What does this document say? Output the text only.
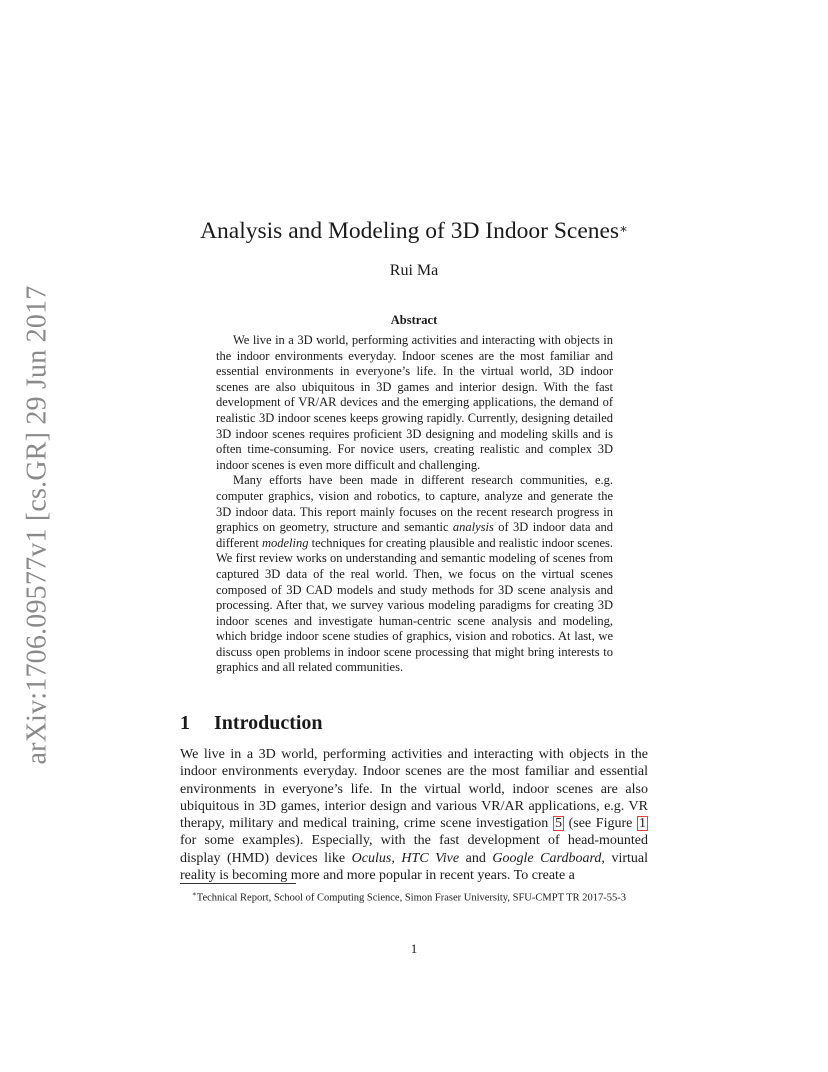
arXiv:1706.09577v1 [cs.GR] 29 Jun 2017
Analysis and Modeling of 3D Indoor Scenes∗
Rui Ma
Abstract

We live in a 3D world, performing activities and interacting with objects in the indoor environments everyday. Indoor scenes are the most familiar and essential environments in everyone’s life. In the virtual world, 3D indoor scenes are also ubiquitous in 3D games and interior design. With the fast development of VR/AR devices and the emerging applications, the demand of realistic 3D indoor scenes keeps growing rapidly. Currently, designing detailed 3D indoor scenes requires proficient 3D designing and modeling skills and is often time-consuming. For novice users, creating realistic and complex 3D indoor scenes is even more difficult and challenging.

Many efforts have been made in different research communities, e.g. computer graphics, vision and robotics, to capture, analyze and generate the 3D indoor data. This report mainly focuses on the recent research progress in graphics on geometry, structure and semantic analysis of 3D indoor data and different modeling techniques for creating plausible and realistic indoor scenes. We first review works on understanding and semantic modeling of scenes from captured 3D data of the real world. Then, we focus on the virtual scenes composed of 3D CAD models and study methods for 3D scene analysis and processing. After that, we survey various modeling paradigms for creating 3D indoor scenes and investigate human-centric scene analysis and modeling, which bridge indoor scene studies of graphics, vision and robotics. At last, we discuss open problems in indoor scene processing that might bring interests to graphics and all related communities.

1 Introduction

We live in a 3D world, performing activities and interacting with objects in the indoor environments everyday. Indoor scenes are the most familiar and essential environments in everyone’s life. In the virtual world, indoor scenes are also ubiquitous in 3D games, interior design and various VR/AR applications, e.g. VR therapy, military and medical training, crime scene investigation 5 (see Figure 1 for some examples). Especially, with the fast development of head-mounted display (HMD) devices like Oculus, HTC Vive and Google Cardboard, virtual reality is becoming more and more popular in recent years. To create a

∗Technical Report, School of Computing Science, Simon Fraser University, SFU-CMPT TR 2017-55-3

1
